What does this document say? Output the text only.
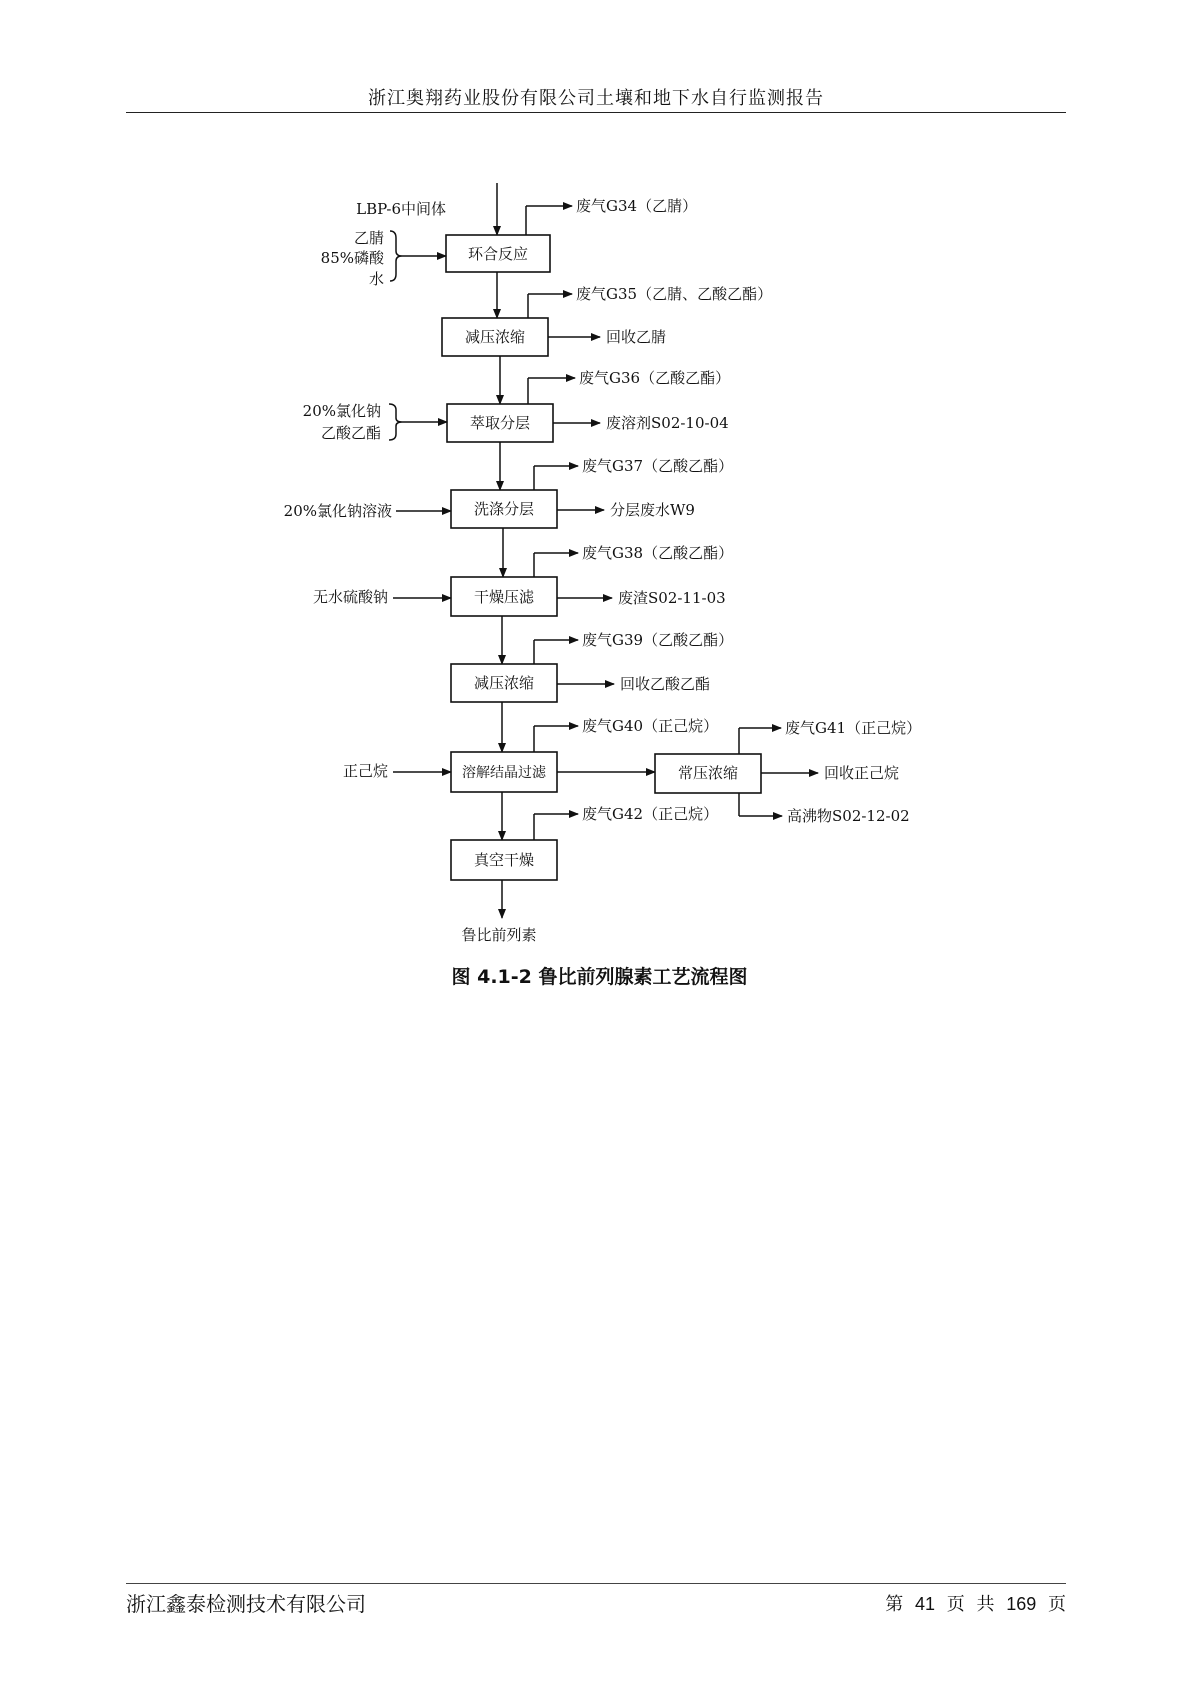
浙江奥翔药业股份有限公司土壤和地下水自行监测报告
LBP-6中间体
环合反应
废气G34（乙腈）
乙腈
85%磷酸
水
减压浓缩
废气G35（乙腈、乙酸乙酯）
回收乙腈
萃取分层
废气G36（乙酸乙酯）
20%氯化钠
乙酸乙酯
废溶剂S02-10-04
洗涤分层
废气G37（乙酸乙酯）
20%氯化钠溶液	分层废水W9
干燥压滤
废气G38（乙酸乙酯）
无水硫酸钠	废渣S02-11-03
减压浓缩
废气G39（乙酸乙酯）
回收乙酸乙酯
溶解结晶过滤
废气G40（正己烷）
正己烷	常压浓缩
废气G41（正己烷）
回收正己烷
高沸物S02-12-02
真空干燥
废气G42（正己烷）
鲁比前列素
图 4.1-2 鲁比前列腺素工艺流程图
浙江鑫泰检测技术有限公司	第 41 页 共 169 页
